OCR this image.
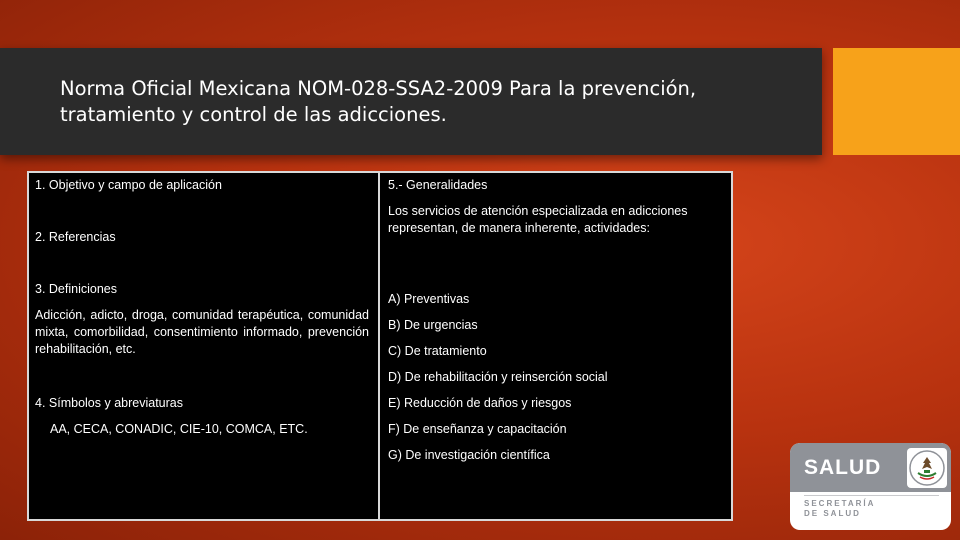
Norma Oficial Mexicana NOM-028-SSA2-2009 Para la prevención, tratamiento y control de las adicciones.
1. Objetivo y campo de aplicación
2. Referencias
3. Definiciones
Adicción, adicto, droga, comunidad terapéutica, comunidad mixta, comorbilidad, consentimiento informado, prevención rehabilitación, etc.
4. Símbolos y abreviaturas
AA, CECA, CONADIC, CIE-10, COMCA, ETC.
5.- Generalidades
Los servicios de atención especializada en adicciones representan, de manera inherente, actividades:
A) Preventivas
B) De urgencias
C) De tratamiento
D) De rehabilitación y reinserción social
E) Reducción de daños y riesgos
F) De enseñanza y capacitación
G) De investigación científica
SALUD
SECRETARÍA
DE SALUD
